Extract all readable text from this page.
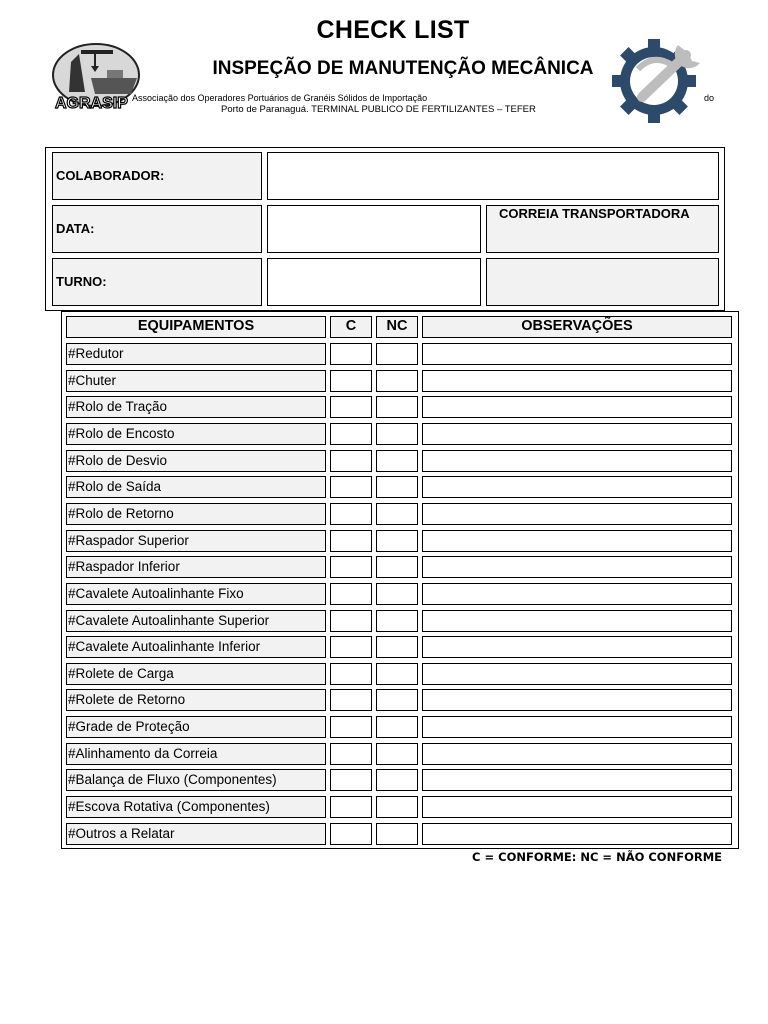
CHECK LIST
INSPEÇÃO DE MANUTENÇÃO MECÂNICA
AGRASIP Associação dos Operadores Portuários de Granéis Sólidos de Importação	do
Porto de Paranaguá. TERMINAL PUBLICO DE FERTILIZANTES – TEFER
COLABORADOR:
DATA:
CORREIA TRANSPORTADORA
TURNO:
EQUIPAMENTOS	C	NC	OBSERVAÇÕES
#Redutor
#Chuter
#Rolo de Tração
#Rolo de Encosto
#Rolo de Desvio
#Rolo de Saída
#Rolo de Retorno
#Raspador Superior
#Raspador Inferior
#Cavalete Autoalinhante Fixo
#Cavalete Autoalinhante Superior
#Cavalete Autoalinhante Inferior
#Rolete de Carga
#Rolete de Retorno
#Grade de Proteção
#Alinhamento da Correia
#Balança de Fluxo (Componentes)
#Escova Rotativa (Componentes)
#Outros a Relatar
C = CONFORME: NC = NÃO CONFORME
